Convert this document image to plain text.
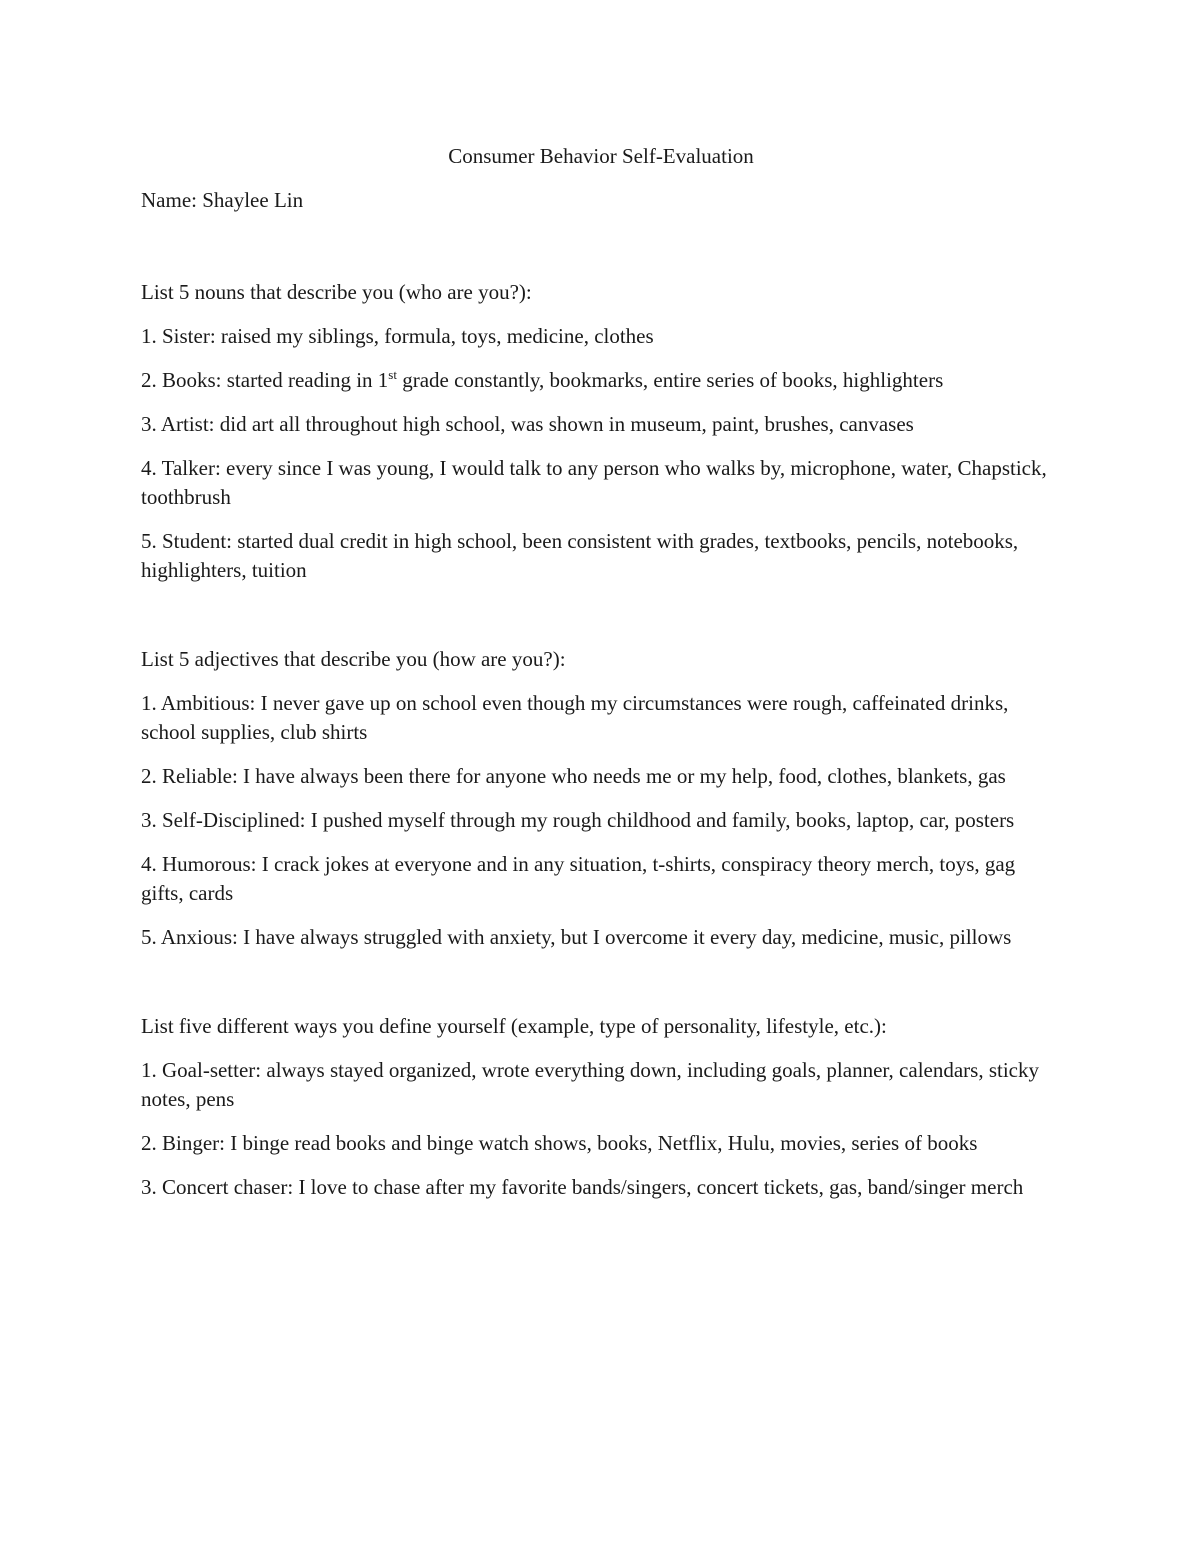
Consumer Behavior Self-Evaluation

Name: Shaylee Lin

List 5 nouns that describe you (who are you?):

1. Sister: raised my siblings, formula, toys, medicine, clothes

2. Books: started reading in 1st grade constantly, bookmarks, entire series of books, highlighters

3. Artist: did art all throughout high school, was shown in museum, paint, brushes, canvases

4. Talker: every since I was young, I would talk to any person who walks by, microphone, water, Chapstick, toothbrush

5. Student: started dual credit in high school, been consistent with grades, textbooks, pencils, notebooks, highlighters, tuition

List 5 adjectives that describe you (how are you?):

1. Ambitious: I never gave up on school even though my circumstances were rough, caffeinated drinks, school supplies, club shirts

2. Reliable: I have always been there for anyone who needs me or my help, food, clothes, blankets, gas

3. Self-Disciplined: I pushed myself through my rough childhood and family, books, laptop, car, posters

4. Humorous: I crack jokes at everyone and in any situation, t-shirts, conspiracy theory merch, toys, gag gifts, cards

5. Anxious: I have always struggled with anxiety, but I overcome it every day, medicine, music, pillows

List five different ways you define yourself (example, type of personality, lifestyle, etc.):

1. Goal-setter: always stayed organized, wrote everything down, including goals, planner, calendars, sticky notes, pens

2. Binger: I binge read books and binge watch shows, books, Netflix, Hulu, movies, series of books

3. Concert chaser: I love to chase after my favorite bands/singers, concert tickets, gas, band/singer merch
